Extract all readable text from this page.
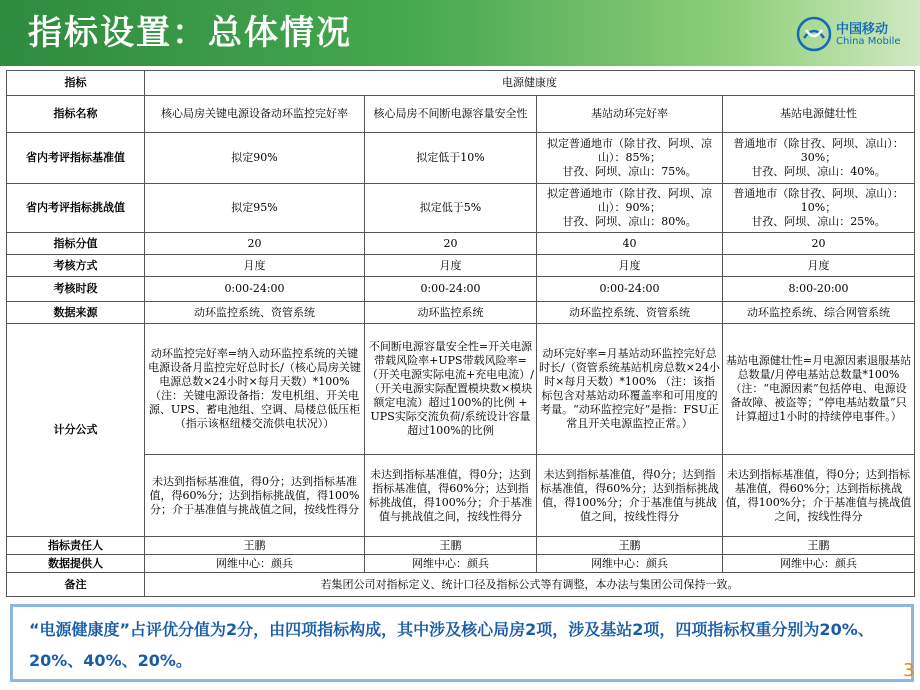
指标设置：总体情况	中国移动
China Mobile
指标	电源健康度			
指标名称	核心局房关键电源设备动环监控完好率	核心局房不间断电源容量安全性	基站动环完好率	基站电源健壮性
省内考评指标基准值	拟定90%	拟定低于10%	拟定普通地市（除甘孜、阿坝、凉山）：85%；
甘孜、阿坝、凉山：75%。	普通地市（除甘孜、阿坝、凉山）：30%；
甘孜、阿坝、凉山：40%。
省内考评指标挑战值	拟定95%	拟定低于5%	拟定普通地市（除甘孜、阿坝、凉山）：90%；
甘孜、阿坝、凉山：80%。	普通地市（除甘孜、阿坝、凉山）：10%；
甘孜、阿坝、凉山：25%。
指标分值	20	20	40	20
考核方式	月度	月度	月度	月度
考核时段	0:00-24:00	0:00-24:00	0:00-24:00	8:00-20:00
数据来源	动环监控系统、资管系统	动环监控系统	动环监控系统、资管系统	动环监控系统、综合网管系统
计分公式	动环监控完好率=纳入动环监控系统的关键电源设备月监控完好总时长/（核心局房关键电源总数×24小时×每月天数）*100%（注：关键电源设备指：发电机组、开关电源、UPS、蓄电池组、空调、局楼总低压柜（指示该枢纽楼交流供电状况））	不间断电源容量安全性=开关电源带载风险率+UPS带载风险率=（开关电源实际电流+充电电流）/（开关电源实际配置模块数×模块额定电流）超过100%的比例 + UPS实际交流负荷/系统设计容量超过100%的比例	动环完好率=月基站动环监控完好总时长/（资管系统基站机房总数×24小时×每月天数）*100% （注：该指标包含对基站动环覆盖率和可用度的考量。“动环监控完好”是指：FSU正常且开关电源监控正常。）	基站电源健壮性=月电源因素退服基站总数量/月停电基站总数量*100% （注：“电源因素”包括停电、电源设备故障、被盗等；“停电基站数量”只计算超过1小时的持续停电事件。）
	未达到指标基准值，得0分；达到指标基准值，得60%分；达到指标挑战值，得100%分；介于基准值与挑战值之间，按线性得分	未达到指标基准值，得0分；达到指标基准值，得60%分；达到指标挑战值，得100%分；介于基准值与挑战值之间，按线性得分	未达到指标基准值，得0分；达到指标基准值，得60%分；达到指标挑战值，得100%分；介于基准值与挑战值之间，按线性得分	未达到指标基准值，得0分；达到指标基准值，得60%分；达到指标挑战值，得100%分；介于基准值与挑战值之间，按线性得分
指标责任人	王鹏	王鹏	王鹏	王鹏
数据提供人	网维中心：颜兵	网维中心：颜兵	网维中心：颜兵	网维中心：颜兵
备注	若集团公司对指标定义、统计口径及指标公式等有调整，本办法与集团公司保持一致。			
“电源健康度”占评优分值为2分，由四项指标构成，其中涉及核心局房2项，涉及基站2项，四项指标权重分别为20%、20%、40%、20%。	3
